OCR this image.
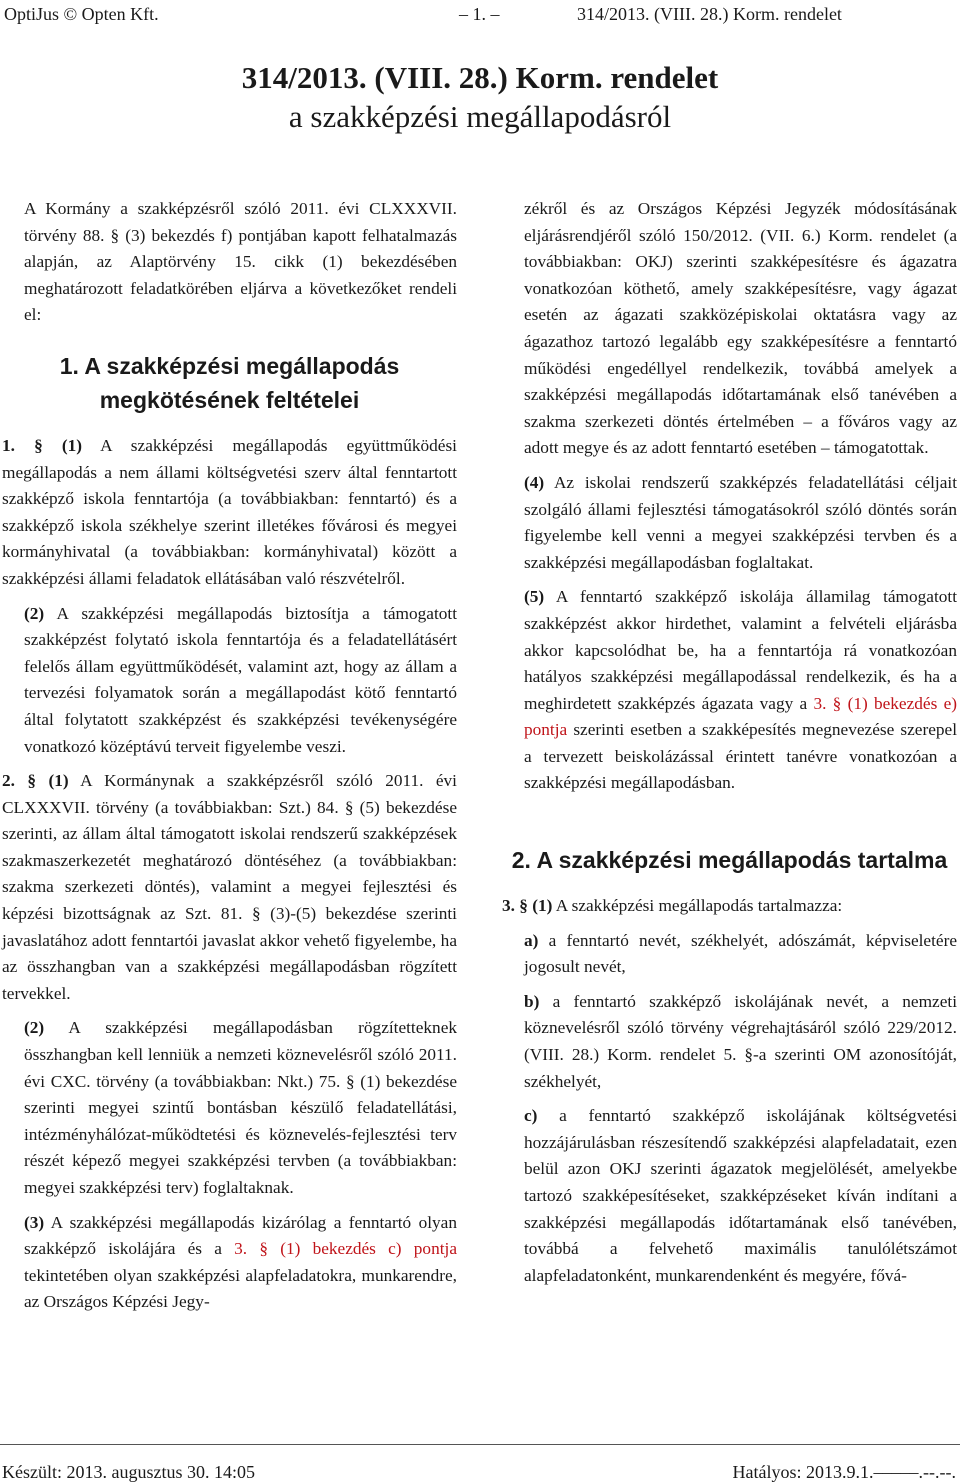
OptiJus © Opten Kft.	– 1. –	314/2013. (VIII. 28.) Korm. rendelet
314/2013. (VIII. 28.) Korm. rendelet
a szakképzési megállapodásról

A Kormány a szakképzésről szóló 2011. évi CLXXXVII. törvény 88. § (3) bekezdés f) pontjában kapott felhatalmazás alapján, az Alaptörvény 15. cikk (1) bekezdésében meghatározott feladatkörében eljárva a következőket rendeli el:

1. A szakképzési megállapodás megkötésének feltételei

1. § (1) A szakképzési megállapodás együttműködési megállapodás a nem állami költségvetési szerv által fenntartott szakképző iskola fenntartója (a továbbiakban: fenntartó) és a szakképző iskola székhelye szerint illetékes fővárosi és megyei kormányhivatal (a továbbiakban: kormányhivatal) között a szakképzési állami feladatok ellátásában való részvételről.

(2) A szakképzési megállapodás biztosítja a támogatott szakképzést folytató iskola fenntartója és a feladatellátásért felelős állam együttműködését, valamint azt, hogy az állam a tervezési folyamatok során a megállapodást kötő fenntartó által folytatott szakképzést és szakképzési tevékenységére vonatkozó középtávú terveit figyelembe veszi.

2. § (1) A Kormánynak a szakképzésről szóló 2011. évi CLXXXVII. törvény (a továbbiakban: Szt.) 84. § (5) bekezdése szerinti, az állam által támogatott iskolai rendszerű szakképzések szakmaszerkezetét meghatározó döntéséhez (a továbbiakban: szakma szerkezeti döntés), valamint a megyei fejlesztési és képzési bizottságnak az Szt. 81. § (3)-(5) bekezdése szerinti javaslatához adott fenntartói javaslat akkor vehető figyelembe, ha az összhangban van a szakképzési megállapodásban rögzített tervekkel.

(2) A szakképzési megállapodásban rögzítetteknek összhangban kell lenniük a nemzeti köznevelésről szóló 2011. évi CXC. törvény (a továbbiakban: Nkt.) 75. § (1) bekezdése szerinti megyei szintű bontásban készülő feladatellátási, intézményhálózat-működtetési és köznevelés-fejlesztési terv részét képező megyei szakképzési tervben (a továbbiakban: megyei szakképzési terv) foglaltaknak.

(3) A szakképzési megállapodás kizárólag a fenntartó olyan szakképző iskolájára és a 3. § (1) bekezdés c) pontja tekintetében olyan szakképzési alapfeladatokra, munkarendre, az Országos Képzési Jegy-

zékről és az Országos Képzési Jegyzék módosításának eljárásrendjéről szóló 150/2012. (VII. 6.) Korm. rendelet (a továbbiakban: OKJ) szerinti szakképesítésre és ágazatra vonatkozóan köthető, amely szakképesítésre, vagy ágazat esetén az ágazati szakközépiskolai oktatásra vagy az ágazathoz tartozó legalább egy szakképesítésre a fenntartó működési engedéllyel rendelkezik, továbbá amelyek a szakképzési megállapodás időtartamának első tanévében a szakma szerkezeti döntés értelmében – a főváros vagy az adott megye és az adott fenntartó esetében – támogatottak.

(4) Az iskolai rendszerű szakképzés feladatellátási céljait szolgáló állami fejlesztési támogatásokról szóló döntés során figyelembe kell venni a megyei szakképzési tervben és a szakképzési megállapodásban foglaltakat.

(5) A fenntartó szakképző iskolája államilag támogatott szakképzést akkor hirdethet, valamint a felvételi eljárásba akkor kapcsolódhat be, ha a fenntartója rá vonatkozóan hatályos szakképzési megállapodással rendelkezik, és ha a meghirdetett szakképzés ágazata vagy a 3. § (1) bekezdés e) pontja szerinti esetben a szakképesítés megnevezése szerepel a tervezett beiskolázással érintett tanévre vonatkozóan a szakképzési megállapodásban.

2. A szakképzési megállapodás tartalma

3. § (1) A szakképzési megállapodás tartalmazza:

a) a fenntartó nevét, székhelyét, adószámát, képviseletére jogosult nevét,

b) a fenntartó szakképző iskolájának nevét, a nemzeti köznevelésről szóló törvény végrehajtásáról szóló 229/2012. (VIII. 28.) Korm. rendelet 5. §-a szerinti OM azonosítóját, székhelyét,

c) a fenntartó szakképző iskolájának költségvetési hozzájárulásban részesítendő szakképzési alapfeladatait, ezen belül azon OKJ szerinti ágazatok megjelölését, amelyekbe tartozó szakképesítéseket, szakképzéseket kíván indítani a szakképzési megállapodás időtartamának első tanévében, továbbá a felvehető maximális tanulólétszámot alapfeladatonként, munkarendenként és megyére, fővá-

Készült: 2013. augusztus 30. 14:05	Hatályos: 2013.9.1.–––––.--.--.
